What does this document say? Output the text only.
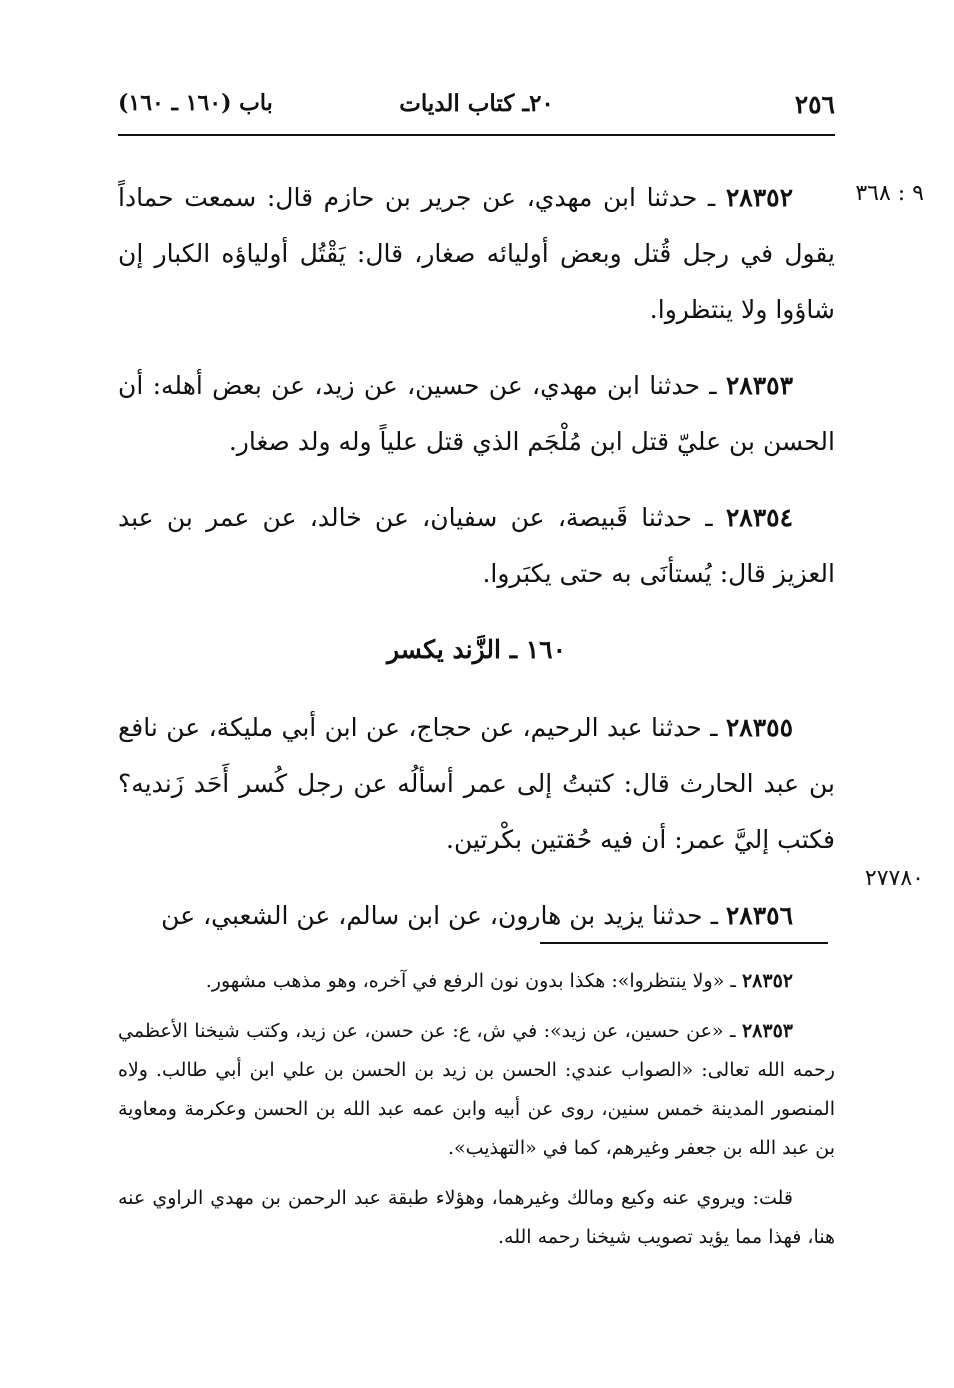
٢٥٦
٢٠ـ كتاب الديات
باب (١٦٠ ـ ١٦٠)
٩ : ٣٦٨
٢٧٧٨٠

٢٨٣٥٢ ـ حدثنا ابن مهدي، عن جرير بن حازم قال: سمعت حماداً يقول في رجل قُتل وبعض أوليائه صغار، قال: يَقْتُل أولياؤه الكبار إن شاؤوا ولا ينتظروا.

٢٨٣٥٣ ـ حدثنا ابن مهدي، عن حسين، عن زيد، عن بعض أهله: أن الحسن بن عليّ قتل ابن مُلْجَم الذي قتل علياً وله ولد صغار.

٢٨٣٥٤ ـ حدثنا قَبيصة، عن سفيان، عن خالد، عن عمر بن عبد العزيز قال: يُستأنَى به حتى يكبَروا.

١٦٠ ـ الزَّند يكسر

٢٨٣٥٥ ـ حدثنا عبد الرحيم، عن حجاج، عن ابن أبي مليكة، عن نافع بن عبد الحارث قال: كتبتُ إلى عمر أسألُه عن رجل كُسر أَحَد زَنديه؟ فكتب إليَّ عمر: أن فيه حُقتين بكْرتين.

٢٨٣٥٦ ـ حدثنا يزيد بن هارون، عن ابن سالم، عن الشعبي، عن

٢٨٣٥٢ ـ «ولا ينتظروا»: هكذا بدون نون الرفع في آخره، وهو مذهب مشهور.

٢٨٣٥٣ ـ «عن حسين، عن زيد»: في ش، ع: عن حسن، عن زيد، وكتب شيخنا الأعظمي رحمه الله تعالى: «الصواب عندي: الحسن بن زيد بن الحسن بن علي ابن أبي طالب. ولاه المنصور المدينة خمس سنين، روى عن أبيه وابن عمه عبد الله بن الحسن وعكرمة ومعاوية بن عبد الله بن جعفر وغيرهم، كما في «التهذيب».

قلت: ويروي عنه وكيع ومالك وغيرهما، وهؤلاء طبقة عبد الرحمن بن مهدي الراوي عنه هنا، فهذا مما يؤيد تصويب شيخنا رحمه الله.
